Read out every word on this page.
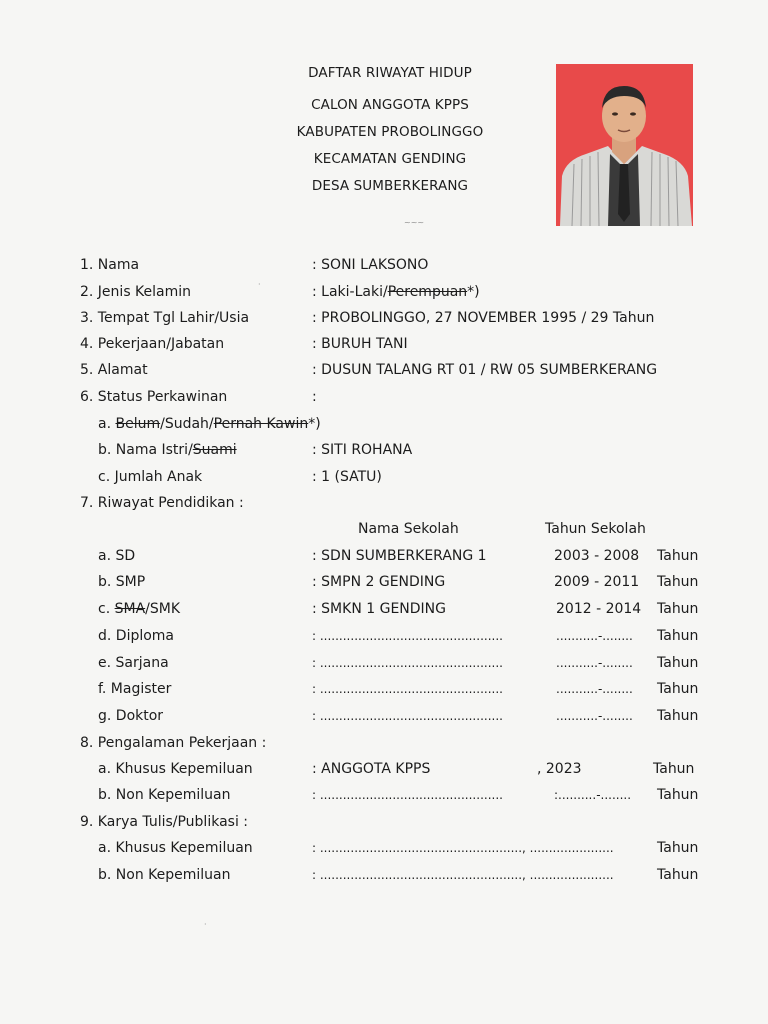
DAFTAR RIWAYAT HIDUP
CALON ANGGOTA KPPS
KABUPATEN PROBOLINGGO
KECAMATAN GENDING
DESA SUMBERKERANG
~~~
1. Nama	: SONI LAKSONO
2. Jenis Kelamin	: Laki-Laki/Perempuan*)
3. Tempat Tgl Lahir/Usia	: PROBOLINGGO, 27 NOVEMBER 1995 / 29 Tahun
4. Pekerjaan/Jabatan	: BURUH TANI
5. Alamat	: DUSUN TALANG RT 01 / RW 05 SUMBERKERANG
6. Status Perkawinan	:
a. Belum/Sudah/Pernah Kawin*)
b. Nama Istri/Suami	: SITI ROHANA
c. Jumlah Anak	: 1 (SATU)
7. Riwayat Pendidikan :
Nama Sekolah	Tahun Sekolah
a. SD	: SDN SUMBERKERANG 1	2003 - 2008 Tahun
b. SMP	: SMPN 2 GENDING	2009 - 2011 Tahun
c. SMA/SMK	: SMKN 1 GENDING	2012 - 2014 Tahun
d. Diploma	: ................................................	...........-........ Tahun
e. Sarjana	: ................................................	...........-........ Tahun
f. Magister	: ................................................	...........-........ Tahun
g. Doktor	: ................................................	...........-........ Tahun
8. Pengalaman Pekerjaan :
a. Khusus Kepemiluan	: ANGGOTA KPPS	, 2023	Tahun
b. Non Kepemiluan	: ................................................	:..........-........ Tahun
9. Karya Tulis/Publikasi :
a. Khusus Kepemiluan	: ....................................................., ......................	Tahun
b. Non Kepemiluan	: ....................................................., ......................	Tahun
·
·
